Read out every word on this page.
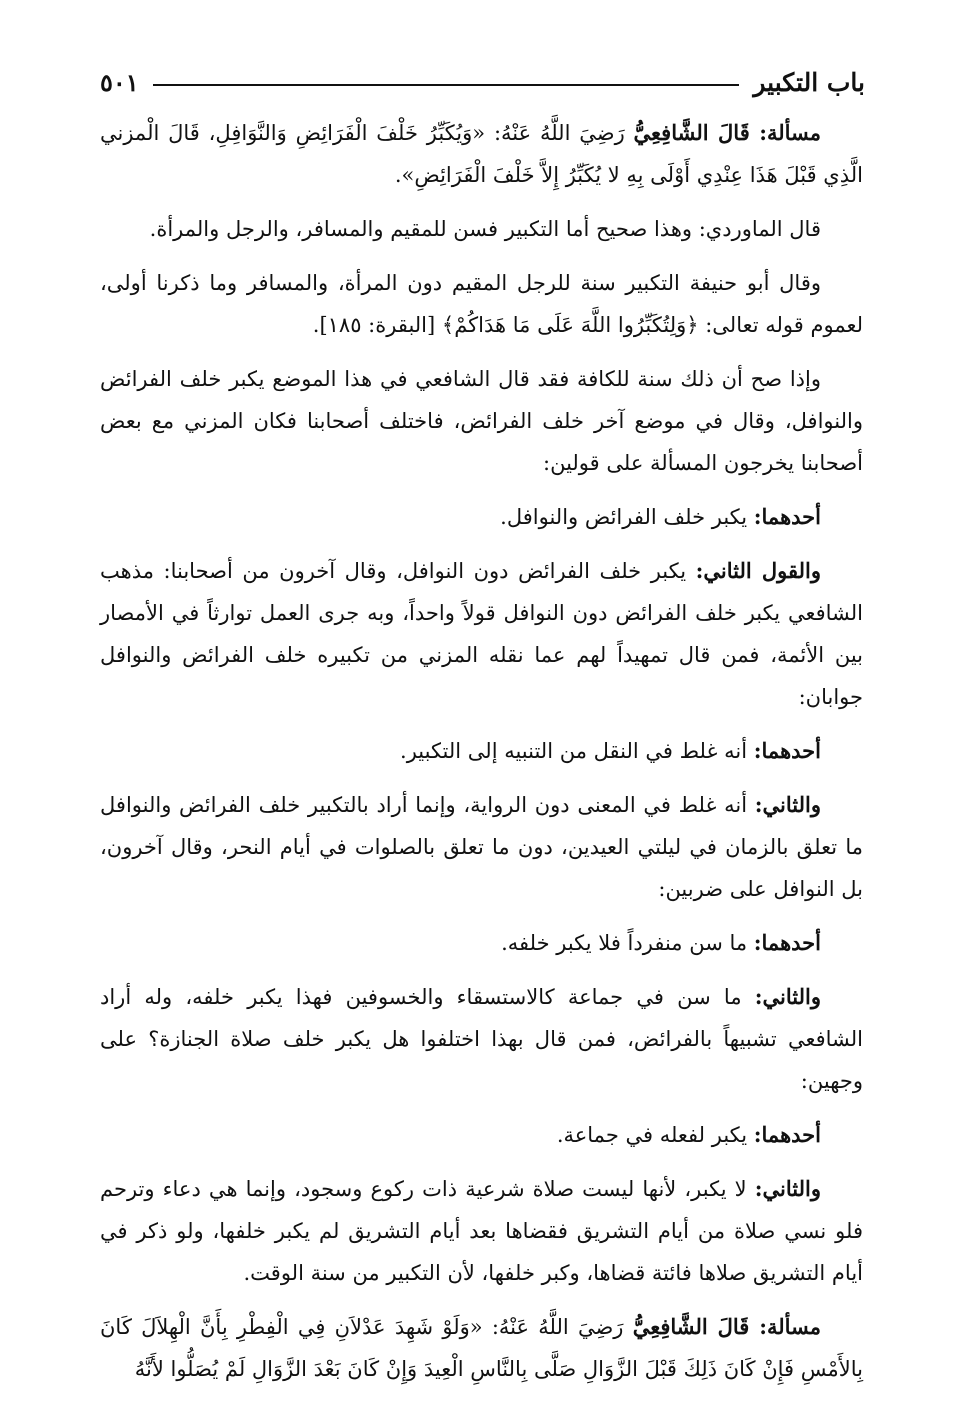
باب التكبير
٥٠١

مسألة: قَالَ الشَّافِعِيُّ رَضِيَ اللَّهُ عَنْهُ: «وَيُكَبِّرُ خَلْفَ الْفَرَائِضِ وَالنَّوَافِلِ، قَالَ الْمزني الَّذِي قَبْلَ هَذَا عِنْدِي أَوْلَى بِهِ لا يُكَبِّرُ إِلاَّ خَلْفَ الْفَرَائِضِ».

قال الماوردي: وهذا صحيح أما التكبير فسن للمقيم والمسافر، والرجل والمرأة.

وقال أبو حنيفة التكبير سنة للرجل المقيم دون المرأة، والمسافر وما ذكرنا أولى، لعموم قوله تعالى: ﴿وَلِتُكَبِّرُوا اللَّهَ عَلَى مَا هَدَاكُمْ﴾ [البقرة: ١٨٥].

وإذا صح أن ذلك سنة للكافة فقد قال الشافعي في هذا الموضع يكبر خلف الفرائض والنوافل، وقال في موضع آخر خلف الفرائض، فاختلف أصحابنا فكان المزني مع بعض أصحابنا يخرجون المسألة على قولين:

أحدهما: يكبر خلف الفرائض والنوافل.

والقول الثاني: يكبر خلف الفرائض دون النوافل، وقال آخرون من أصحابنا: مذهب الشافعي يكبر خلف الفرائض دون النوافل قولاً واحداً، وبه جرى العمل توارثاً في الأمصار بين الأئمة، فمن قال تمهيداً لهم عما نقله المزني من تكبيره خلف الفرائض والنوافل جوابان:

أحدهما: أنه غلط في النقل من التنبيه إلى التكبير.

والثاني: أنه غلط في المعنى دون الرواية، وإنما أراد بالتكبير خلف الفرائض والنوافل ما تعلق بالزمان في ليلتي العيدين، دون ما تعلق بالصلوات في أيام النحر، وقال آخرون، بل النوافل على ضربين:

أحدهما: ما سن منفرداً فلا يكبر خلفه.

والثاني: ما سن في جماعة كالاستسقاء والخسوفين فهذا يكبر خلفه، وله أراد الشافعي تشبيهاً بالفرائض، فمن قال بهذا اختلفوا هل يكبر خلف صلاة الجنازة؟ على وجهين:

أحدهما: يكبر لفعله في جماعة.

والثاني: لا يكبر، لأنها ليست صلاة شرعية ذات ركوع وسجود، وإنما هي دعاء وترحم فلو نسي صلاة من أيام التشريق فقضاها بعد أيام التشريق لم يكبر خلفها، ولو ذكر في أيام التشريق صلاها فائتة قضاها، وكبر خلفها، لأن التكبير من سنة الوقت.

مسألة: قَالَ الشَّافِعِيُّ رَضِيَ اللَّهُ عَنْهُ: «وَلَوْ شَهِدَ عَدْلاَنِ فِي الْفِطْرِ بِأَنَّ الْهِلاَلَ كَانَ بِالأَمْسِ فَإِنْ كَانَ ذَلِكَ قَبْلَ الزَّوَالِ صَلَّى بِالنَّاسِ الْعِيدَ وَإِنْ كَانَ بَعْدَ الزَّوَالِ لَمْ يُصَلُّوا لأَنَّهُ
